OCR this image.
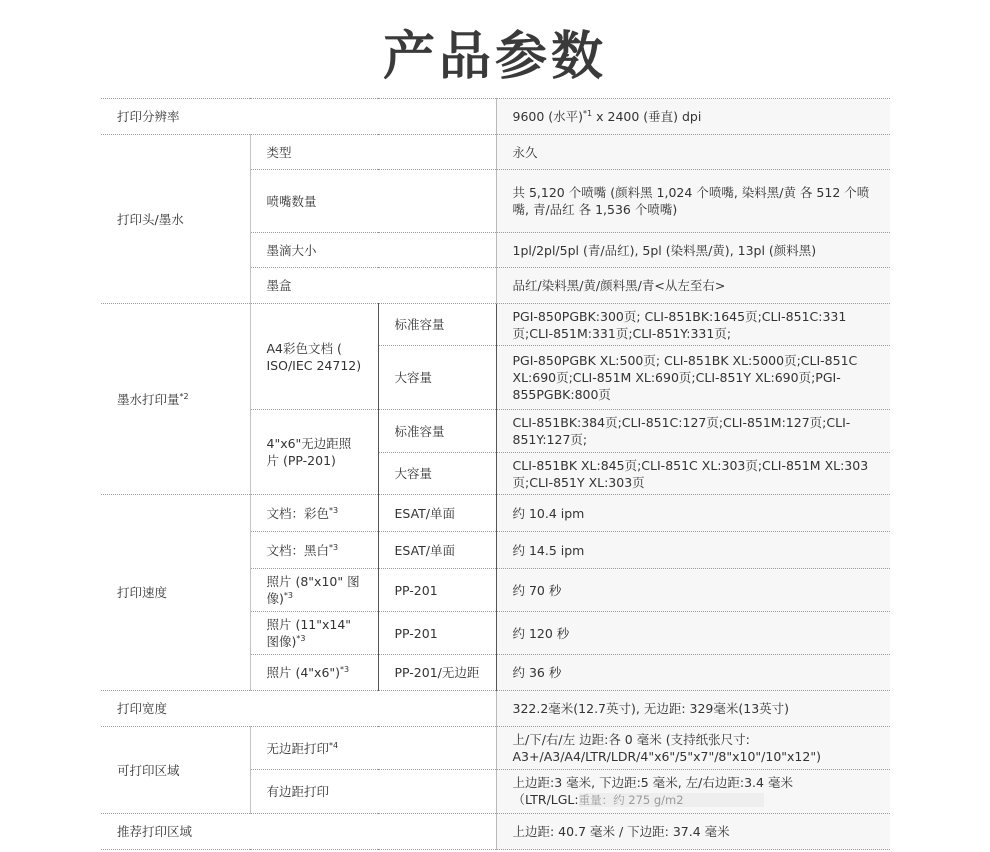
产品参数
打印分辨率			9600 (水平)$^{*1}$ x 2400 (垂直) dpi
打印头/墨水	类型		永久
	喷嘴数量		共 5,120 个喷嘴 (颜料黑 1,024 个喷嘴, 染料黑/黄 各 512 个喷嘴, 青/品红 各 1,536 个喷嘴)
	墨滴大小		1pl/2pl/5pl (青/品红), 5pl (染料黑/黄), 13pl (颜料黑)
	墨盒		品红/染料黑/黄/颜料黑/青<从左至右>
墨水打印量$^{*2}$	A4彩色文档 ( ISO/IEC 24712)	标准容量	PGI-850PGBK:300页; CLI-851BK:1645页;CLI-851C:331页;CLI-851M:331页;CLI-851Y:331页;
		大容量	PGI-850PGBK XL:500页; CLI-851BK XL:5000页;CLI-851C XL:690页;CLI-851M XL:690页;CLI-851Y XL:690页;PGI-855PGBK:800页
	4"x6"无边距照片 (PP-201)	标准容量	CLI-851BK:384页;CLI-851C:127页;CLI-851M:127页;CLI-851Y:127页;
		大容量	CLI-851BK XL:845页;CLI-851C XL:303页;CLI-851M XL:303页;CLI-851Y XL:303页
打印速度	文档：彩色$^{*3}$	ESAT/单面	约 10.4 ipm
	文档：黑白$^{*3}$	ESAT/单面	约 14.5 ipm
	照片 (8"x10" 图像)$^{*3}$	PP-201	约 70 秒
	照片 (11"x14" 图像)$^{*3}$	PP-201	约 120 秒
	照片 (4"x6")$^{*3}$	PP-201/无边距	约 36 秒
打印宽度			322.2毫米(12.7英寸), 无边距: 329毫米(13英寸)
可打印区域	无边距打印$^{*4}$		上/下/右/左 边距:各 0 毫米 (支持纸张尺寸: A3+/A3/A4/LTR/LDR/4"x6"/5"x7"/8"x10"/10"x12")
	有边距打印		上边距:3 毫米, 下边距:5 毫米, 左/右边距:3.4 毫米
（LTR/LGL:重量：约 275 g/m2
推荐打印区域			上边距: 40.7 毫米 / 下边距: 37.4 毫米
